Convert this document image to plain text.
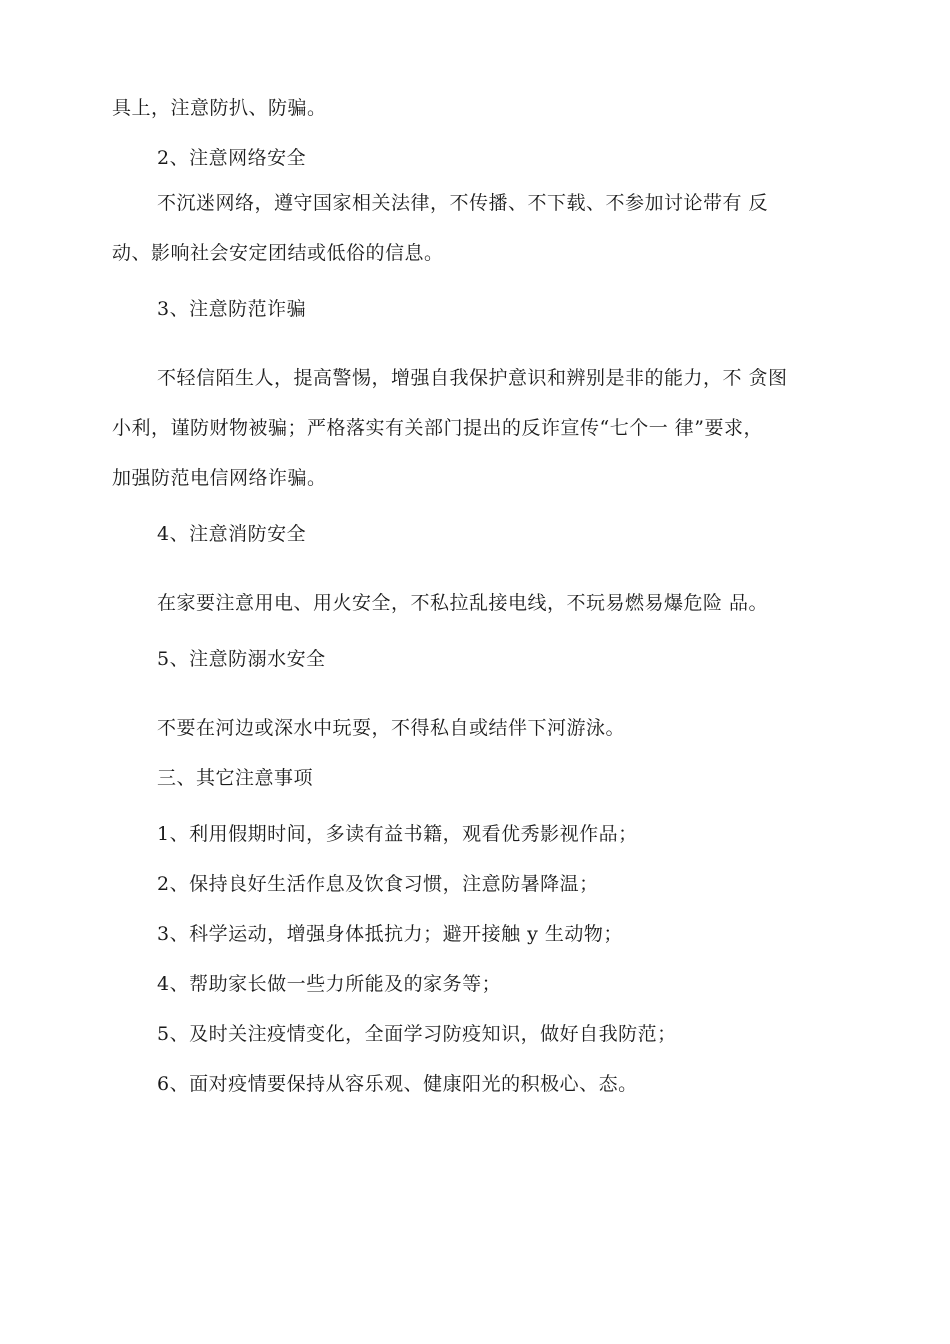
具上，注意防扒、防骗。
2、注意网络安全
不沉迷网络，遵守国家相关法律，不传播、不下载、不参加讨论带有 反
动、影响社会安定团结或低俗的信息。
3、注意防范诈骗
不轻信陌生人，提高警惕，增强自我保护意识和辨别是非的能力，不 贪图
小利，谨防财物被骗；严格落实有关部门提出的反诈宣传“七个一 律”要求，
加强防范电信网络诈骗。
4、注意消防安全
在家要注意用电、用火安全，不私拉乱接电线，不玩易燃易爆危险 品。
5、注意防溺水安全
不要在河边或深水中玩耍，不得私自或结伴下河游泳。
三、其它注意事项
1、利用假期时间，多读有益书籍，观看优秀影视作品；
2、保持良好生活作息及饮食习惯，注意防暑降温；
3、科学运动，增强身体抵抗力；避开接触 y 生动物；
4、帮助家长做一些力所能及的家务等；
5、及时关注疫情变化，全面学习防疫知识，做好自我防范；
6、面对疫情要保持从容乐观、健康阳光的积极心、态。
